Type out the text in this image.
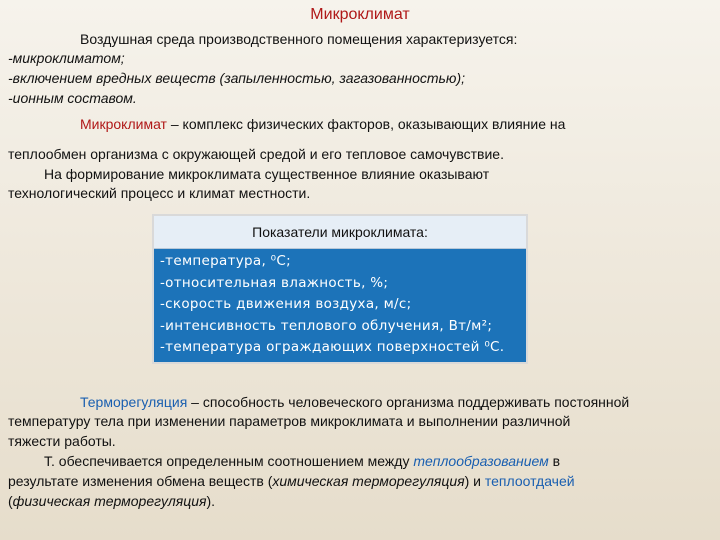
Микроклимат
Воздушная среда производственного помещения характеризуется:
-микроклиматом;
-включением вредных веществ (запыленностью, загазованностью);
-ионным составом.
Микроклимат – комплекс физических факторов, оказывающих влияние на
теплообмен организма с окружающей средой и его тепловое самочувствие.
На формирование микроклимата существенное влияние оказывают
технологический процесс и климат местности.
Показатели микроклимата:
-температура, ⁰С;
-относительная влажность, %;
-скорость движения воздуха, м/с;
-интенсивность теплового облучения, Вт/м²;
-температура ограждающих поверхностей ⁰С.
Терморегуляция – способность человеческого организма поддерживать постоянной
температуру тела при изменении параметров микроклимата и выполнении различной
тяжести работы.
Т. обеспечивается определенным соотношением между теплообразованием в
результате изменения обмена веществ (химическая терморегуляция) и теплоотдачей
(физическая терморегуляция).
